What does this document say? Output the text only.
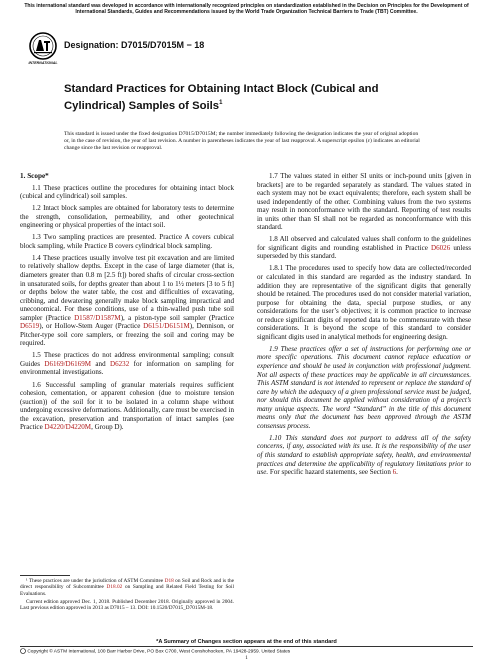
This international standard was developed in accordance with internationally recognized principles on standardization established in the Decision on Principles for the Development of International Standards, Guides and Recommendations issued by the World Trade Organization Technical Barriers to Trade (TBT) Committee.
INTERNATIONAL
Designation: D7015/D7015M − 18
Standard Practices for Obtaining Intact Block (Cubical and Cylindrical) Samples of Soils$^1$
This standard is issued under the fixed designation D7015/D7015M; the number immediately following the designation indicates the year of original adoption or, in the case of revision, the year of last revision. A number in parentheses indicates the year of last reapproval. A superscript epsilon (ε) indicates an editorial change since the last revision or reapproval.
1. Scope*

1.1 These practices outline the procedures for obtaining intact block (cubical and cylindrical) soil samples.

1.2 Intact block samples are obtained for laboratory tests to determine the strength, consolidation, permeability, and other geotechnical engineering or physical properties of the intact soil.

1.3 Two sampling practices are presented. Practice A covers cubical block sampling, while Practice B covers cylindrical block sampling.

1.4 These practices usually involve test pit excavation and are limited to relatively shallow depths. Except in the case of large diameter (that is, diameters greater than 0.8 m [2.5 ft]) bored shafts of circular cross-section in unsaturated soils, for depths greater than about 1 to 1½ meters [3 to 5 ft] or depths below the water table, the cost and difficulties of excavating, cribbing, and dewatering generally make block sampling impractical and uneconomical. For these conditions, use of a thin-walled push tube soil sampler (Practice D1587/D1587M), a piston-type soil sampler (Practice D6519), or Hollow-Stem Auger (Practice D6151/D6151M), Dennison, or Pitcher-type soil core samplers, or freezing the soil and coring may be required.

1.5 These practices do not address environmental sampling; consult Guides D6169/D6169M and D6232 for information on sampling for environmental investigations.

1.6 Successful sampling of granular materials requires sufficient cohesion, cementation, or apparent cohesion (due to moisture tension (suction)) of the soil for it to be isolated in a column shape without undergoing excessive deformations. Additionally, care must be exercised in the excavation, preservation and transportation of intact samples (see Practice D4220/D4220M, Group D).

1.7 The values stated in either SI units or inch-pound units [given in brackets] are to be regarded separately as standard. The values stated in each system may not be exact equivalents; therefore, each system shall be used independently of the other. Combining values from the two systems may result in nonconformance with the standard. Reporting of test results in units other than SI shall not be regarded as nonconformance with this standard.

1.8 All observed and calculated values shall conform to the guidelines for significant digits and rounding established in Practice D6026 unless superseded by this standard.

1.8.1 The procedures used to specify how data are collected/recorded or calculated in this standard are regarded as the industry standard. In addition they are representative of the significant digits that generally should be retained. The procedures used do not consider material variation, purpose for obtaining the data, special purpose studies, or any considerations for the user’s objectives; it is common practice to increase or reduce significant digits of reported data to be commensurate with these considerations. It is beyond the scope of this standard to consider significant digits used in analytical methods for engineering design.

1.9 These practices offer a set of instructions for performing one or more specific operations. This document cannot replace education or experience and should be used in conjunction with professional judgment. Not all aspects of these practices may be applicable in all circumstances. This ASTM standard is not intended to represent or replace the standard of care by which the adequacy of a given professional service must be judged, nor should this document be applied without consideration of a project’s many unique aspects. The word “Standard” in the title of this document means only that the document has been approved through the ASTM consensus process.

1.10 This standard does not purport to address all of the safety concerns, if any, associated with its use. It is the responsibility of the user of this standard to establish appropriate safety, health, and environmental practices and determine the applicability of regulatory limitations prior to use. For specific hazard statements, see Section 6.

¹ These practices are under the jurisdiction of ASTM Committee D18 on Soil and Rock and is the direct responsibility of Subcommittee D18.02 on Sampling and Related Field Testing for Soil Evaluations.

Current edition approved Dec. 1, 2018. Published December 2018. Originally approved in 2004. Last previous edition approved in 2013 as D7015 – 13. DOI: 10.1520/D7015_D7015M-18.

*A Summary of Changes section appears at the end of this standard
Copyright © ASTM International, 100 Barr Harbor Drive, PO Box C700, West Conshohocken, PA 19428-2959. United States
1
